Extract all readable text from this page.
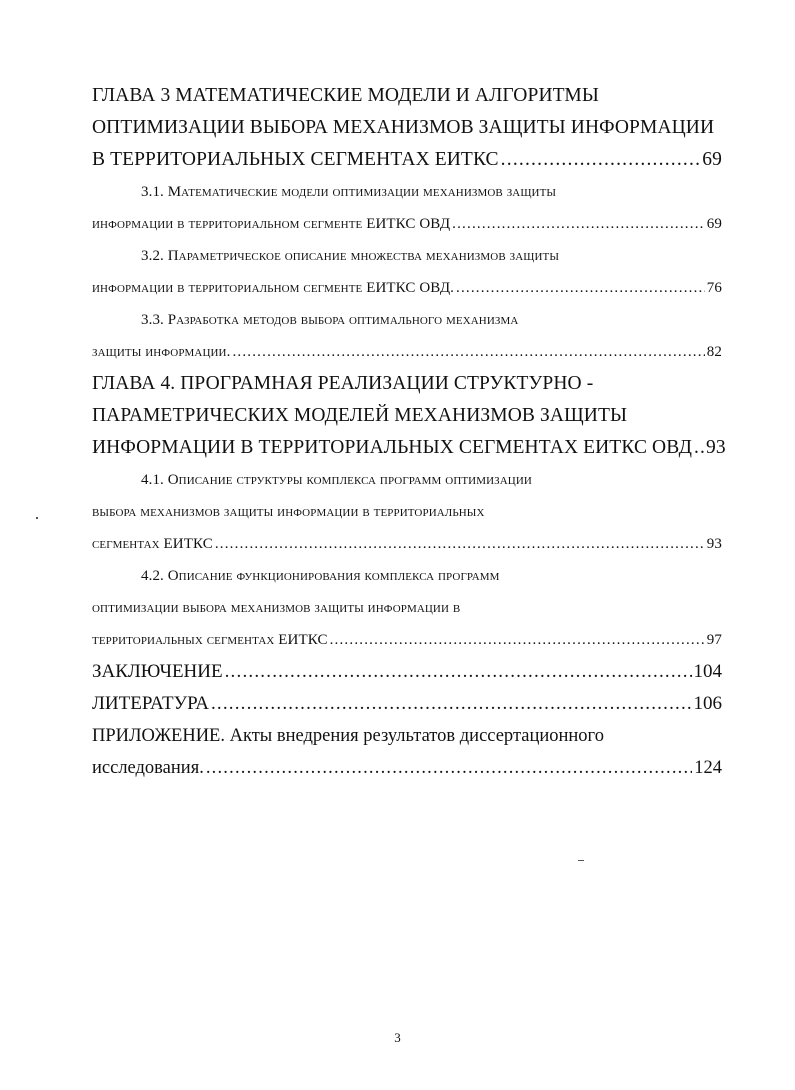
ГЛАВА 3 МАТЕМАТИЧЕСКИЕ МОДЕЛИ И АЛГОРИТМЫ
ОПТИМИЗАЦИИ ВЫБОРА МЕХАНИЗМОВ ЗАЩИТЫ ИНФОРМАЦИИ
В ТЕРРИТОРИАЛЬНЫХ СЕГМЕНТАХ ЕИТКС .....	69
3.1. Математические модели оптимизации механизмов защиты
информации в территориальном сегменте ЕИТКС ОВД .....	69
3.2. Параметрическое описание множества механизмов защиты
информации в территориальном сегменте ЕИТКС ОВД. .....	76
3.3. Разработка методов выбора оптимального механизма
защиты информации. .....	82
ГЛАВА 4. ПРОГРАМНАЯ РЕАЛИЗАЦИИ СТРУКТУРНО -
ПАРАМЕТРИЧЕСКИХ МОДЕЛЕЙ МЕХАНИЗМОВ ЗАЩИТЫ
ИНФОРМАЦИИ В ТЕРРИТОРИАЛЬНЫХ СЕГМЕНТАХ ЕИТКС ОВД ..... 93
4.1. Описание структуры комплекса программ оптимизации
выбора механизмов защиты информации в территориальных
сегментах ЕИТКС .....	93
4.2. Описание функционирования комплекса программ
оптимизации выбора механизмов защиты информации в
территориальных сегментах ЕИТКС .....	97
ЗАКЛЮЧЕНИЕ .....	104
ЛИТЕРАТУРА .....	106
ПРИЛОЖЕНИЕ. Акты внедрения результатов диссертационного
исследования. .....	124
3
